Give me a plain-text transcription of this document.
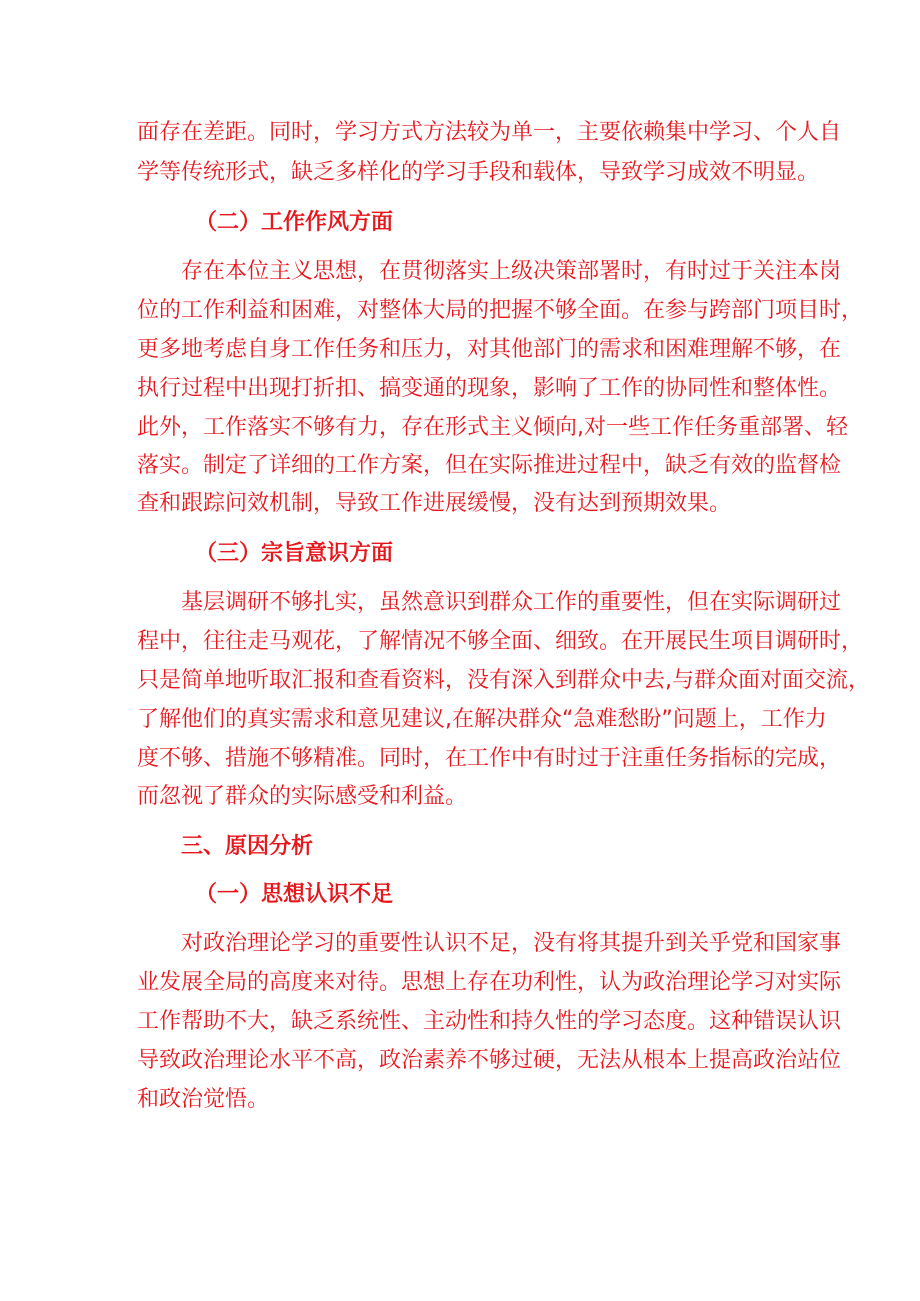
面存在差距。同时，学习方式方法较为单一，主要依赖集中学习、个人自
学等传统形式，缺乏多样化的学习手段和载体，导致学习成效不明显。
（二）工作作风方面
存在本位主义思想，在贯彻落实上级决策部署时，有时过于关注本岗
位的工作利益和困难，对整体大局的把握不够全面。在参与跨部门项目时，
更多地考虑自身工作任务和压力，对其他部门的需求和困难理解不够，在
执行过程中出现打折扣、搞变通的现象，影响了工作的协同性和整体性。
此外，工作落实不够有力，存在形式主义倾向,对一些工作任务重部署、轻
落实。制定了详细的工作方案，但在实际推进过程中，缺乏有效的监督检
查和跟踪问效机制，导致工作进展缓慢，没有达到预期效果。
（三）宗旨意识方面
基层调研不够扎实，虽然意识到群众工作的重要性，但在实际调研过
程中，往往走马观花，了解情况不够全面、细致。在开展民生项目调研时，
只是简单地听取汇报和查看资料，没有深入到群众中去,与群众面对面交流，
了解他们的真实需求和意见建议,在解决群众“急难愁盼”问题上，工作力
度不够、措施不够精准。同时，在工作中有时过于注重任务指标的完成，
而忽视了群众的实际感受和利益。
三、原因分析
（一）思想认识不足
对政治理论学习的重要性认识不足，没有将其提升到关乎党和国家事
业发展全局的高度来对待。思想上存在功利性，认为政治理论学习对实际
工作帮助不大，缺乏系统性、主动性和持久性的学习态度。这种错误认识
导致政治理论水平不高，政治素养不够过硬，无法从根本上提高政治站位
和政治觉悟。
